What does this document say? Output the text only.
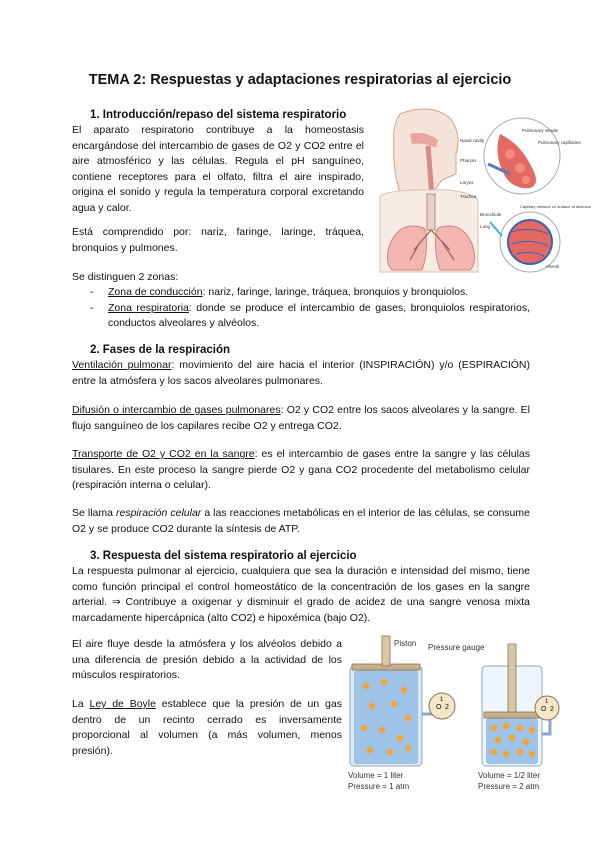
TEMA 2: Respuestas y adaptaciones respiratorias al ejercicio
1. Introducción/repaso del sistema respiratorio
El aparato respiratorio contribuye a la homeostasis encargándose del intercambio de gases de O2 y CO2 entre el aire atmosférico y las células. Regula el pH sanguíneo, contiene receptores para el olfato, filtra el aire inspirado, origina el sonido y regula la temperatura corporal excretando agua y calor.
Está comprendido por: nariz, faringe, laringe, tráquea, bronquios y pulmones.
Se distinguen 2 zonas:
- Zona de conducción: nariz, faringe, laringe, tráquea, bronquios y bronquiolos.
- Zona respiratoria: donde se produce el intercambio de gases, bronquiolos respiratorios, conductos alveolares y alvéolos.
Pulmonary venule
Pulmonary capillaries
Nasal cavity
Pharynx
Larynx
Trachea
Bronchiole
Lung
Capillary network on surface of alveolus
Alveoli
2. Fases de la respiración
Ventilación pulmonar: movimiento del aire hacia el interior (INSPIRACIÓN) y/o (ESPIRACIÓN) entre la atmósfera y los sacos alveolares pulmonares.
Difusión o intercambio de gases pulmonares: O2 y CO2 entre los sacos alveolares y la sangre. El flujo sanguíneo de los capilares recibe O2 y entrega CO2.
Transporte de O2 y CO2 en la sangre: es el intercambio de gases entre la sangre y las células tisulares. En este proceso la sangre pierde O2 y gana CO2 procedente del metabolismo celular (respiración interna o celular).
Se llama respiración celular a las reacciones metabólicas en el interior de las células, se consume O2 y se produce CO2 durante la síntesis de ATP.
3. Respuesta del sistema respiratorio al ejercicio
La respuesta pulmonar al ejercicio, cualquiera que sea la duración e intensidad del mismo, tiene como función principal el control homeostático de la concentración de los gases en la sangre arterial. ⇒ Contribuye a oxigenar y disminuir el grado de acidez de una sangre venosa mixta marcadamente hipercápnica (alto CO2) e hipoxémica (bajo O2).
El aire fluye desde la atmósfera y los alvéolos debido a una diferencia de presión debido a la actividad de los músculos respiratorios.
La Ley de Boyle establece que la presión de un gas dentro de un recinto cerrado es inversamente proporcional al volumen (a más volumen, menos presión).
O 2
1
Piston Pressure gauge
Volume = 1 liter
Pressure = 1 atm
O 2
1
Volume = 1/2 liter
Pressure = 2 atm
